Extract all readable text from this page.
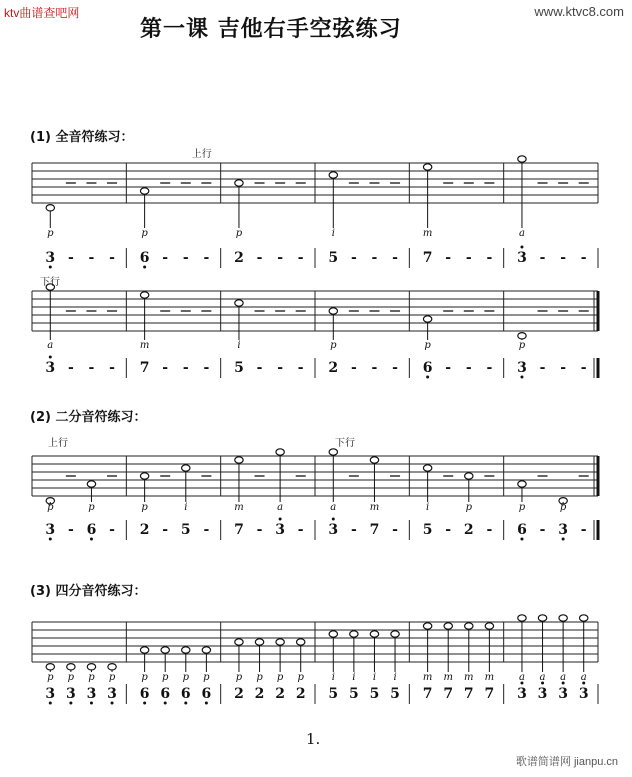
ktv曲谱查吧网	www.ktvc8.com
第一课 吉他右手空弦练习
(1) 全音符练习：
(2) 二分音符练习：
(3) 四分音符练习：
上行
3
p
- - - 6
p
- - - 2
p
- - - 5
i
- - - 7
m
- - - 3
a
- - -
下行
3
a
- - - 7
m
- - - 5
i
- - - 2
p
- - - 6
p
- - - 3
p
- - -
上行	下行
3
p
- 6
p
- 2
p
- 5
i
- 7
m
- 3
a
- 3
a
- 7
m
- 5
i
- 2
p
- 6
p
- 3
p
-
3
p
3
p
3
p
3
p
6
p
6
p
6
p
6
p
2
p
2
p
2
p
2
p
5
i
5
i
5
i
5
i
7
m
7
m
7
m
7
m
3
a
3
a
3
a
3
a
1.
歌谱简谱网 jianpu.cn
